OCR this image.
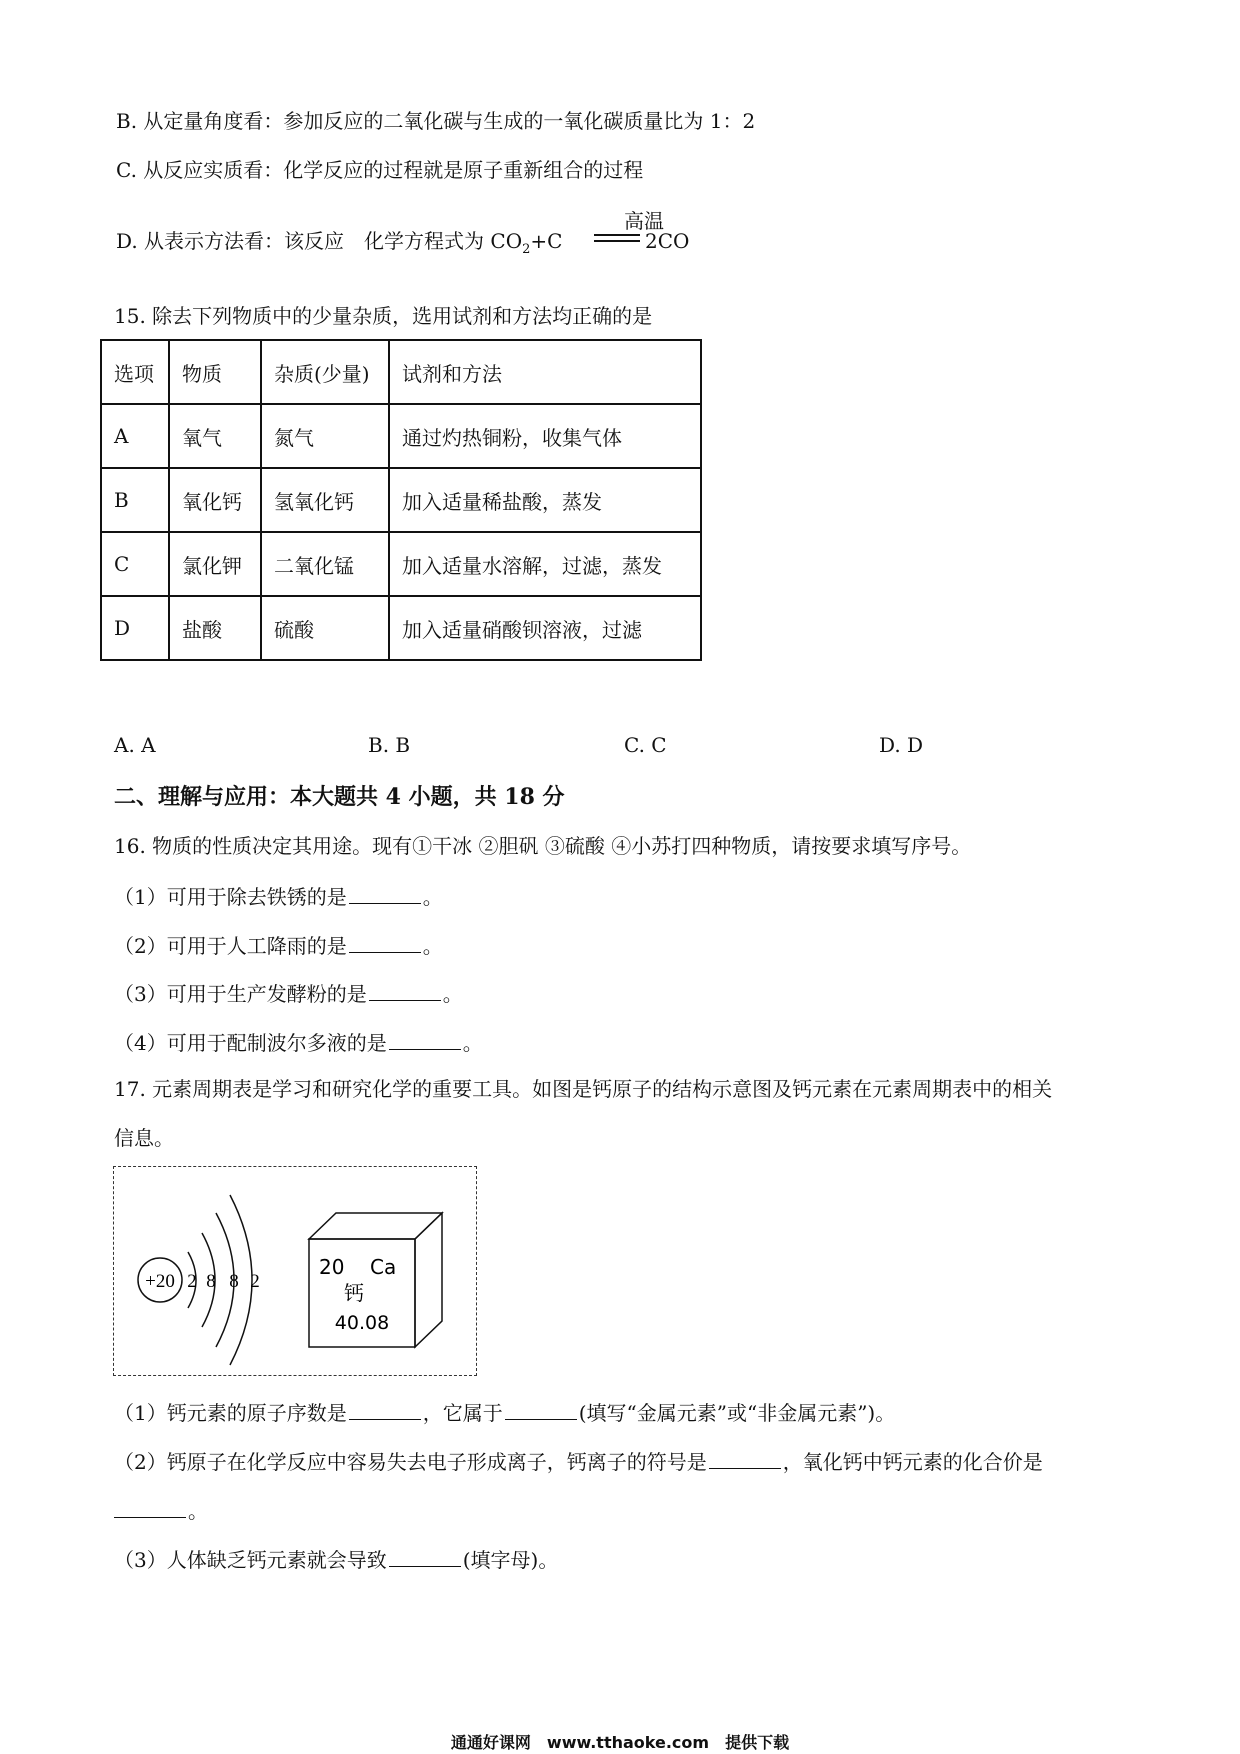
B. 从定量角度看：参加反应的二氧化碳与生成的一氧化碳质量比为 1：2
C. 从反应实质看：化学反应的过程就是原子重新组合的过程
D. 从表示方法看：该反应　化学方程式为 $CO_2+C$
高温
2CO
15. 除去下列物质中的少量杂质，选用试剂和方法均正确的是
选项	物质	杂质(少量)	试剂和方法
A	氧气	氮气	通过灼热铜粉，收集气体
B	氧化钙	氢氧化钙	加入适量稀盐酸，蒸发
C	氯化钾	二氧化锰	加入适量水溶解，过滤，蒸发
D	盐酸	硫酸	加入适量硝酸钡溶液，过滤
A. A	B. B	C. C	D. D
二、理解与应用：本大题共 4 小题，共 18 分
16. 物质的性质决定其用途。现有①干冰 ②胆矾 ③硫酸 ④小苏打四种物质，请按要求填写序号。
（1）可用于除去铁锈的是	。
（2）可用于人工降雨的是	。
（3）可用于生产发酵粉的是	。
（4）可用于配制波尔多液的是	。
17. 元素周期表是学习和研究化学的重要工具。如图是钙原子的结构示意图及钙元素在元素周期表中的相关
信息。
+20 2 8 8 2
20 Ca
钙
40.08
（1）钙元素的原子序数是	，它属于	(填写“金属元素”或“非金属元素”)。
（2）钙原子在化学反应中容易失去电子形成离子，钙离子的符号是	，氧化钙中钙元素的化合价是
。
（3）人体缺乏钙元素就会导致	(填字母)。
通通好课网　www.tthaoke.com　提供下载
